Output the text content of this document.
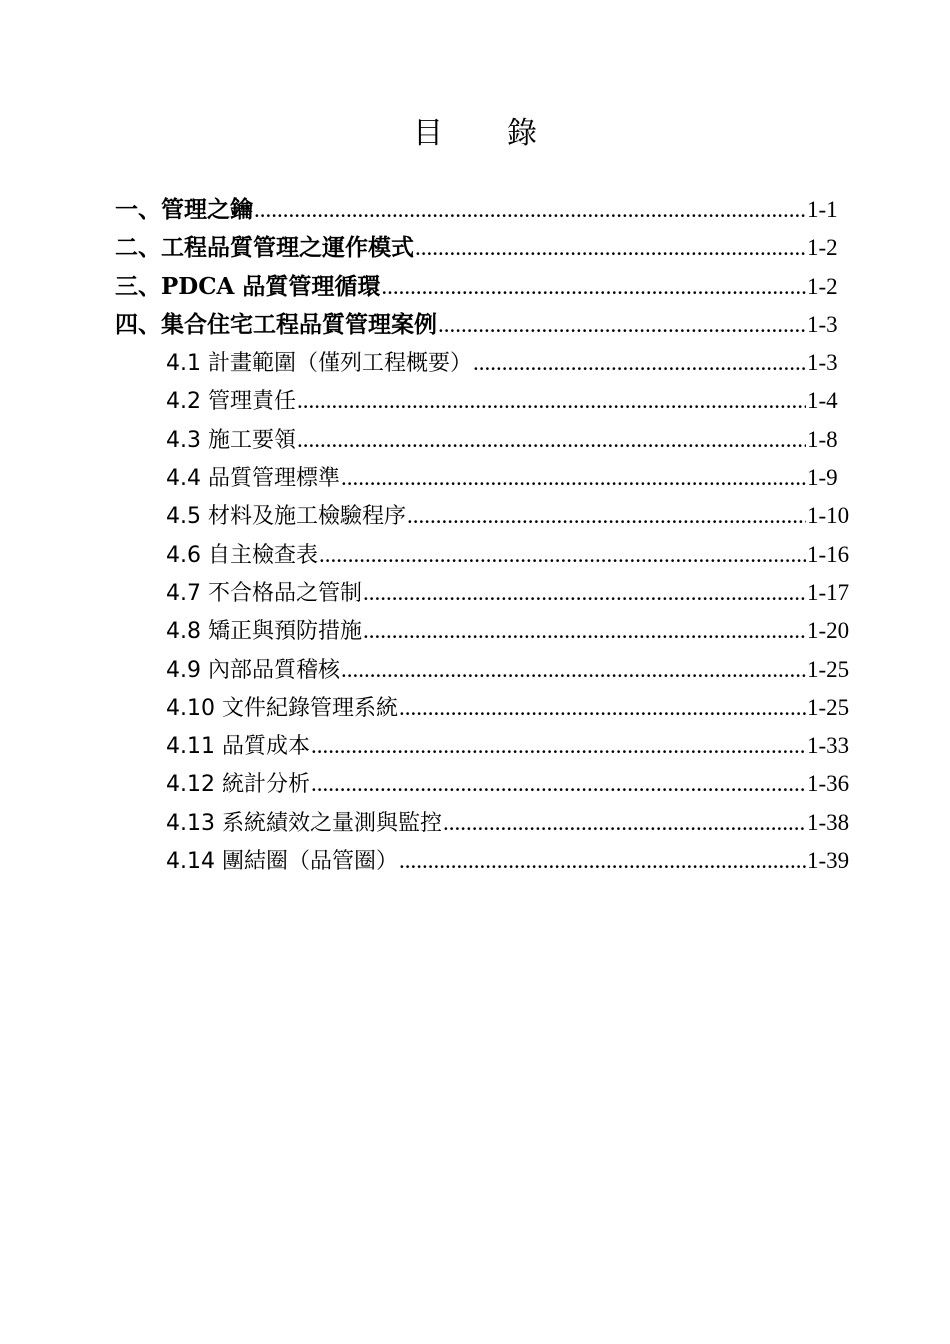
目 錄
一、管理之鑰 .....	1-1
二、工程品質管理之運作模式 .....	1-2
三、PDCA 品質管理循環 .....	1-2
四、集合住宅工程品質管理案例 .....	1-3
4.1 計畫範圍（僅列工程概要） .....	1-3
4.2 管理責任 .....	1-4
4.3 施工要領 .....	1-8
4.4 品質管理標準 .....	1-9
4.5 材料及施工檢驗程序 .....	1-10
4.6 自主檢查表 .....	1-16
4.7 不合格品之管制 .....	1-17
4.8 矯正與預防措施 .....	1-20
4.9 內部品質稽核 .....	1-25
4.10 文件紀錄管理系統 .....	1-25
4.11 品質成本 .....	1-33
4.12 統計分析 .....	1-36
4.13 系統績效之量測與監控 .....	1-38
4.14 團結圈（品管圈） .....	1-39
